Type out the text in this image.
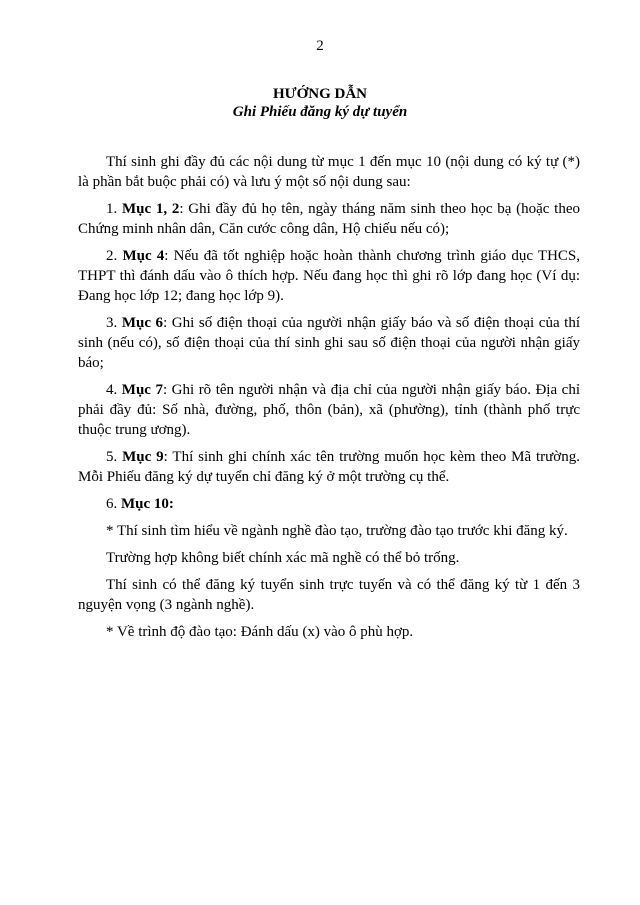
2
HƯỚNG DẪN
Ghi Phiếu đăng ký dự tuyển

Thí sinh ghi đầy đủ các nội dung từ mục 1 đến mục 10 (nội dung có ký tự (*) là phần bắt buộc phải có) và lưu ý một số nội dung sau:

1. Mục 1, 2: Ghi đầy đủ họ tên, ngày tháng năm sinh theo học bạ (hoặc theo Chứng minh nhân dân, Căn cước công dân, Hộ chiếu nếu có);

2. Mục 4: Nếu đã tốt nghiệp hoặc hoàn thành chương trình giáo dục THCS, THPT thì đánh dấu vào ô thích hợp. Nếu đang học thì ghi rõ lớp đang học (Ví dụ: Đang học lớp 12; đang học lớp 9).

3. Mục 6: Ghi số điện thoại của người nhận giấy báo và số điện thoại của thí sinh (nếu có), số điện thoại của thí sinh ghi sau số điện thoại của người nhận giấy báo;

4. Mục 7: Ghi rõ tên người nhận và địa chỉ của người nhận giấy báo. Địa chỉ phải đầy đủ: Số nhà, đường, phố, thôn (bản), xã (phường), tỉnh (thành phố trực thuộc trung ương).

5. Mục 9: Thí sinh ghi chính xác tên trường muốn học kèm theo Mã trường. Mỗi Phiếu đăng ký dự tuyển chỉ đăng ký ở một trường cụ thể.

6. Mục 10:

* Thí sinh tìm hiểu về ngành nghề đào tạo, trường đào tạo trước khi đăng ký.

Trường hợp không biết chính xác mã nghề có thể bỏ trống.

Thí sinh có thể đăng ký tuyển sinh trực tuyến và có thể đăng ký từ 1 đến 3 nguyện vọng (3 ngành nghề).

* Về trình độ đào tạo: Đánh dấu (x) vào ô phù hợp.
